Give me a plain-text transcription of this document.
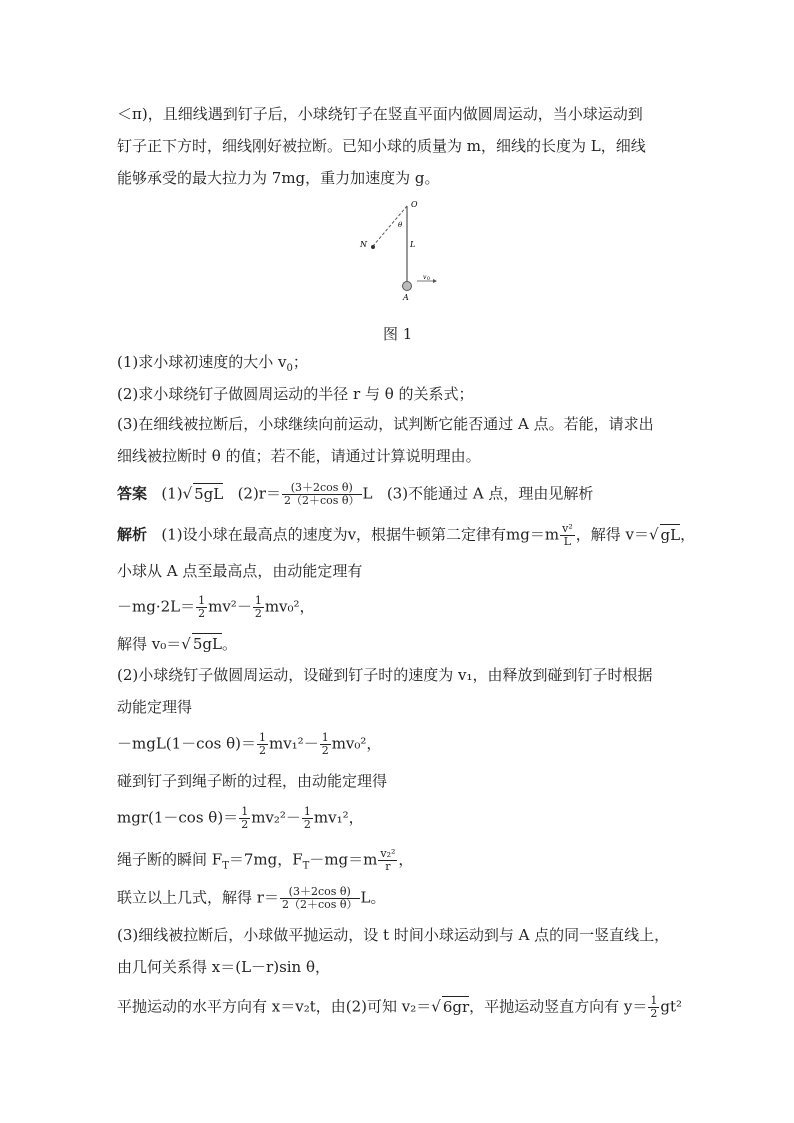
＜π)，且细线遇到钉子后，小球绕钉子在竖直平面内做圆周运动，当小球运动到
钉子正下方时，细线刚好被拉断。已知小球的质量为 m，细线的长度为 L，细线
能够承受的最大拉力为 7mg，重力加速度为 g。
O
θ
L
N
A
v 0
图 1
(1)求小球初速度的大小 $v_0$；
(2)求小球绕钉子做圆周运动的半径 r 与 θ 的关系式；
(3)在细线被拉断后，小球继续向前运动，试判断它能否通过 A 点。若能，请求出
细线被拉断时 θ 的值；若不能，请通过计算说明理由。
答案 (1)√ 5gL $(2)r= \frac{\text{(3＋2cos θ)}}{\text{2（2＋cos θ）}}$ L (3)不能通过 A 点，理由见解析
解析 (1)设小球在最高点的速度为v，根据牛顿第二定律有$mg=m \frac{\text{v²}}{L}$ ，解得 v＝√ gL，
小球从 A 点至最高点，由动能定理有
$-mg\cdot 2L= \frac{1}{2} mv^2- \frac{1}{2} mv_0^2$，
解得 v₀＝√ 5gL。
(2)小球绕钉子做圆周运动，设碰到钉子时的速度为 v₁，由释放到碰到钉子时根据
动能定理得
－mgL(1－cos $\theta)= \frac{1}{2} mv_1^2- \frac{1}{2} mv_0^2$，
碰到钉子到绳子断的过程，由动能定理得
mgr(1－cos $\theta)= \frac{1}{2} mv_2^2- \frac{1}{2} mv_1^2$，
绳子断的瞬间 $F_T=7mg$，$F_T-mg=m \frac{\text{v₂²}}{r}$ ，
联立以上几式，解得 $r= \frac{\text{(3＋2cos θ)}}{\text{2（2＋cos θ）}}$ L。
(3)细线被拉断后，小球做平抛运动，设 t 时间小球运动到与 A 点的同一竖直线上，
由几何关系得 x＝(L－r)sin θ，
平抛运动的水平方向有 x＝v₂t，由(2)可知 v₂＝√ 6gr，平抛运动竖直方向有 $y= \frac{1}{2} gt^2$
